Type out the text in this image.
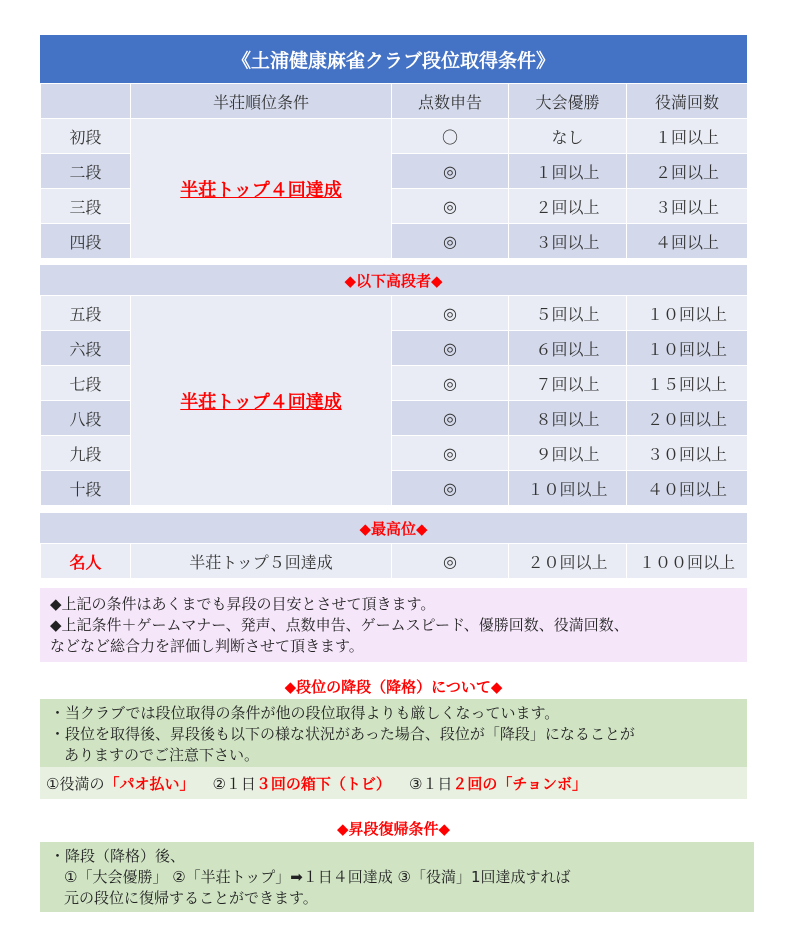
《土浦健康麻雀クラブ段位取得条件》
	半荘順位条件	点数申告	大会優勝	役満回数
初段	半荘トップ４回達成	〇	なし	１回以上
二段		◎	１回以上	２回以上
三段		◎	２回以上	３回以上
四段		◎	３回以上	４回以上
◆以下高段者◆
五段	半荘トップ４回達成	◎	５回以上	１０回以上
六段		◎	６回以上	１０回以上
七段		◎	７回以上	１５回以上
八段		◎	８回以上	２０回以上
九段		◎	９回以上	３０回以上
十段		◎	１０回以上	４０回以上
◆最高位◆
名人	半荘トップ５回達成	◎	２０回以上	１００回以上
◆上記の条件はあくまでも昇段の目安とさせて頂きます。
◆上記条件＋ゲームマナー、発声、点数申告、ゲームスピード、優勝回数、役満回数、
などなど総合力を評価し判断させて頂きます。
◆段位の降段（降格）について◆
・当クラブでは段位取得の条件が他の段位取得よりも厳しくなっています。
・段位を取得後、昇段後も以下の様な状況があった場合、段位が「降段」になることが
ありますのでご注意下さい。
①役満の 「パオ払い」 ②１日 ３回の箱下（トビ） ③１日 ２回の「チョンボ」
◆昇段復帰条件◆
・降段（降格）後、
①「大会優勝」 ②「半荘トップ」➡１日４回達成 ③「役満」1回達成すれば
元の段位に復帰することができます。
